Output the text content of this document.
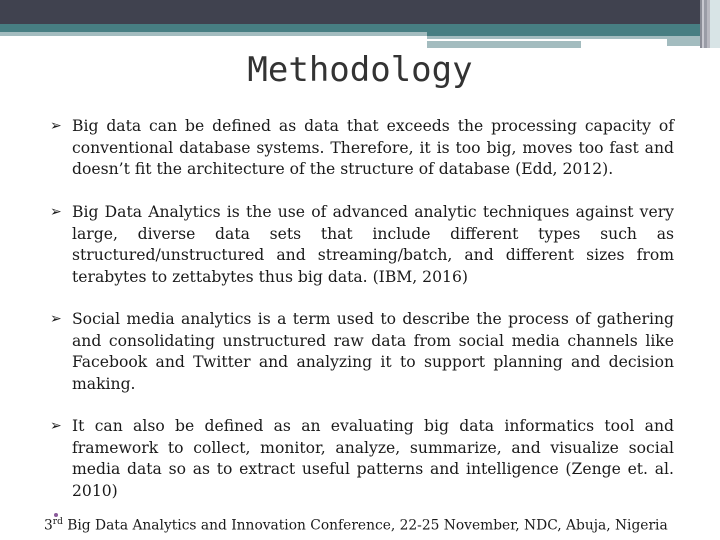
Methodology
➢ Big data can be defined as data that exceeds the processing capacity of conventional database systems. Therefore, it is too big, moves too fast and doesn’t fit the architecture of the structure of database (Edd, 2012).
➢ Big Data Analytics is the use of advanced analytic techniques against very large, diverse data sets that include different types such as structured/unstructured and streaming/batch, and different sizes from terabytes to zettabytes thus big data. (IBM, 2016)
➢ Social media analytics is a term used to describe the process of gathering and consolidating unstructured raw data from social media channels like Facebook and Twitter and analyzing it to support planning and decision making.
➢ It can also be defined as an evaluating big data informatics tool and framework to collect, monitor, analyze, summarize, and visualize social media data so as to extract useful patterns and intelligence (Zenge et. al. 2010)
3rd Big Data Analytics and Innovation Conference, 22-25 November, NDC, Abuja, Nigeria
